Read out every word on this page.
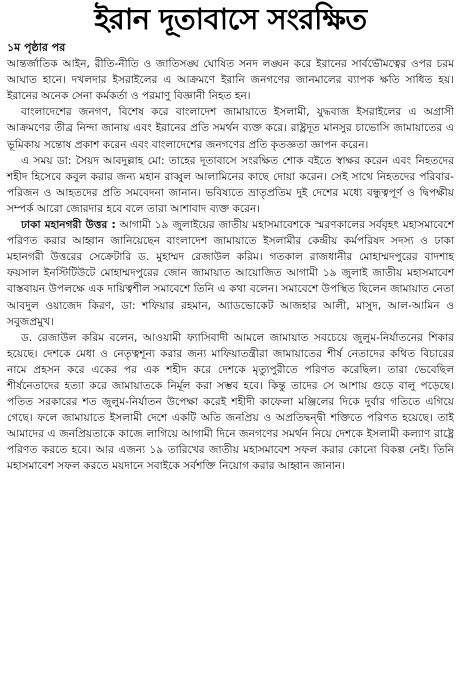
ইরান দূতাবাসে সংরক্ষিত

১ম পৃষ্ঠার পর

আন্তর্জাতিক আইন, রীতি-নীতি ও জাতিসঙ্ঘ ঘোষিত সনদ লঙ্ঘন করে ইরানের সার্বভৌমত্বের ওপর চরম আঘাত হানে। দখলদার ইসরাইলের এ আক্রমণে ইরানি জনগণের জানমালের ব্যাপক ক্ষতি সাধিত হয়। ইরানের অনেক সেনা কর্মকর্তা ও পরমাণু বিজ্ঞানী নিহত হন।

বাংলাদেশের জনগণ, বিশেষ করে বাংলাদেশ জামায়াতে ইসলামী, যুদ্ধবাজ ইসরাইলের এ অগ্রাসী আক্রমণের তীব্র নিন্দা জানায় এবং ইরানের প্রতি সমর্থন ব্যক্ত করে। রাষ্ট্রদূত মানসুর চাভোসি জামায়াতের এ ভূমিকায় সন্তোষ প্রকাশ করেন এবং বাংলাদেশের জনগণের প্রতি কৃতজ্ঞতা জ্ঞাপন করেন।

এ সময় ডা: সৈয়দ আবদুল্লাহ মো: তাহের দূতাবাসে সংরক্ষিত শোক বইতে স্বাক্ষর করেন এবং নিহতদের শহীদ হিসেবে কবুল করার জন্য মহান রাব্বুল আলামিনের কাছে দোয়া করেন। সেই সাথে নিহতদের পরিবার-পরিজন ও আহতদের প্রতি সমবেদনা জানান। ভবিষ্যতে ভ্রাতৃপ্রতিম দুই দেশের মধ্যে বন্ধুত্বপূর্ণ ও দ্বিপক্ষীয় সম্পর্ক আরো জোরদার হবে বলে তারা আশাবাদ ব্যক্ত করেন।

ঢাকা মহানগরী উত্তর : আগামী ১৯ জুলাইয়ের জাতীয় মহাসমাবেশকে স্মরণকালের সর্ববৃহৎ মহাসমাবেশে পরিণত করার আহ্বান জানিয়েছেন বাংলাদেশ জামায়াতে ইসলামীর কেন্দ্রীয় কর্মপরিষদ সদস্য ও ঢাকা মহানগরী উত্তরের সেক্রেটারি ড. মুহাম্মদ রেজাউল করিম। গতকাল রাজধানীর মোহাম্মদপুরের বাদশাহ ফয়সাল ইনস্টিটিউটে মোহাম্মদপুরের জোন জামায়াত আয়োজিত আগামী ১৯ জুলাই জাতীয় মহাসমাবেশ বাস্তবায়ন উপলক্ষে এক দায়িত্বশীল সমাবেশে তিনি এ কথা বলেন। সমাবেশে উপস্থিত ছিলেন জামায়াত নেতা আবদুল ওয়াজেদ কিরণ, ডা: শফিয়ার রহমান, অ্যাডভোকেট আজহার আলী, মাসুদ, আল-আমিন ও সবুজপ্রমুখ।

ড. রেজাউল করিম বলেন, আওয়ামী ফ্যাসিবাদী আমলে জামায়াত সবচেয়ে জুলুম-নির্যাতনের শিকার হয়েছে। দেশকে মেধা ও নেতৃত্বশূন্য করার জন্য মাফিয়াতন্ত্রীরা জামায়াতের শীর্ষ নেতাদের কথিত বিচারের নামে প্রহসন করে একের পর এক শহীদ করে দেশকে মৃত্যুপুরীতে পরিণত করেছিল। তারা ভেবেছিল শীর্ষনেতাদের হত্যা করে জামায়াতকে নির্মূল করা সম্ভব হবে। কিন্তু তাদের সে আশায় গুড়ে বালু পড়েছে। পতিত সরকারের শত জুলুম-নির্যাতন উপেক্ষা করেই শহীদী কাফেলা মঞ্জিলের দিকে দুর্বার গতিতে এগিয়ে গেছে। ফলে জামায়াতে ইসলামী দেশে একটি অতি জনপ্রিয় ও অপ্রতিদ্বন্দ্বী শক্তিতে পরিণত হয়েছে। তাই আমাদের এ জনপ্রিয়তাকে কাজে লাগিয়ে আগামী দিনে জনগণের সমর্থন নিয়ে দেশকে ইসলামী কল্যাণ রাষ্ট্রে পরিণত করতে হবে। আর এজন্য ১৯ তারিখের জাতীয় মহাসমাবেশ সফল করার কোনো বিকল্প নেই। তিনি মহাসমাবেশ সফল করতে ময়দানে সবাইকে সর্বশক্তি নিয়োগ করার আহ্বান জানান।
